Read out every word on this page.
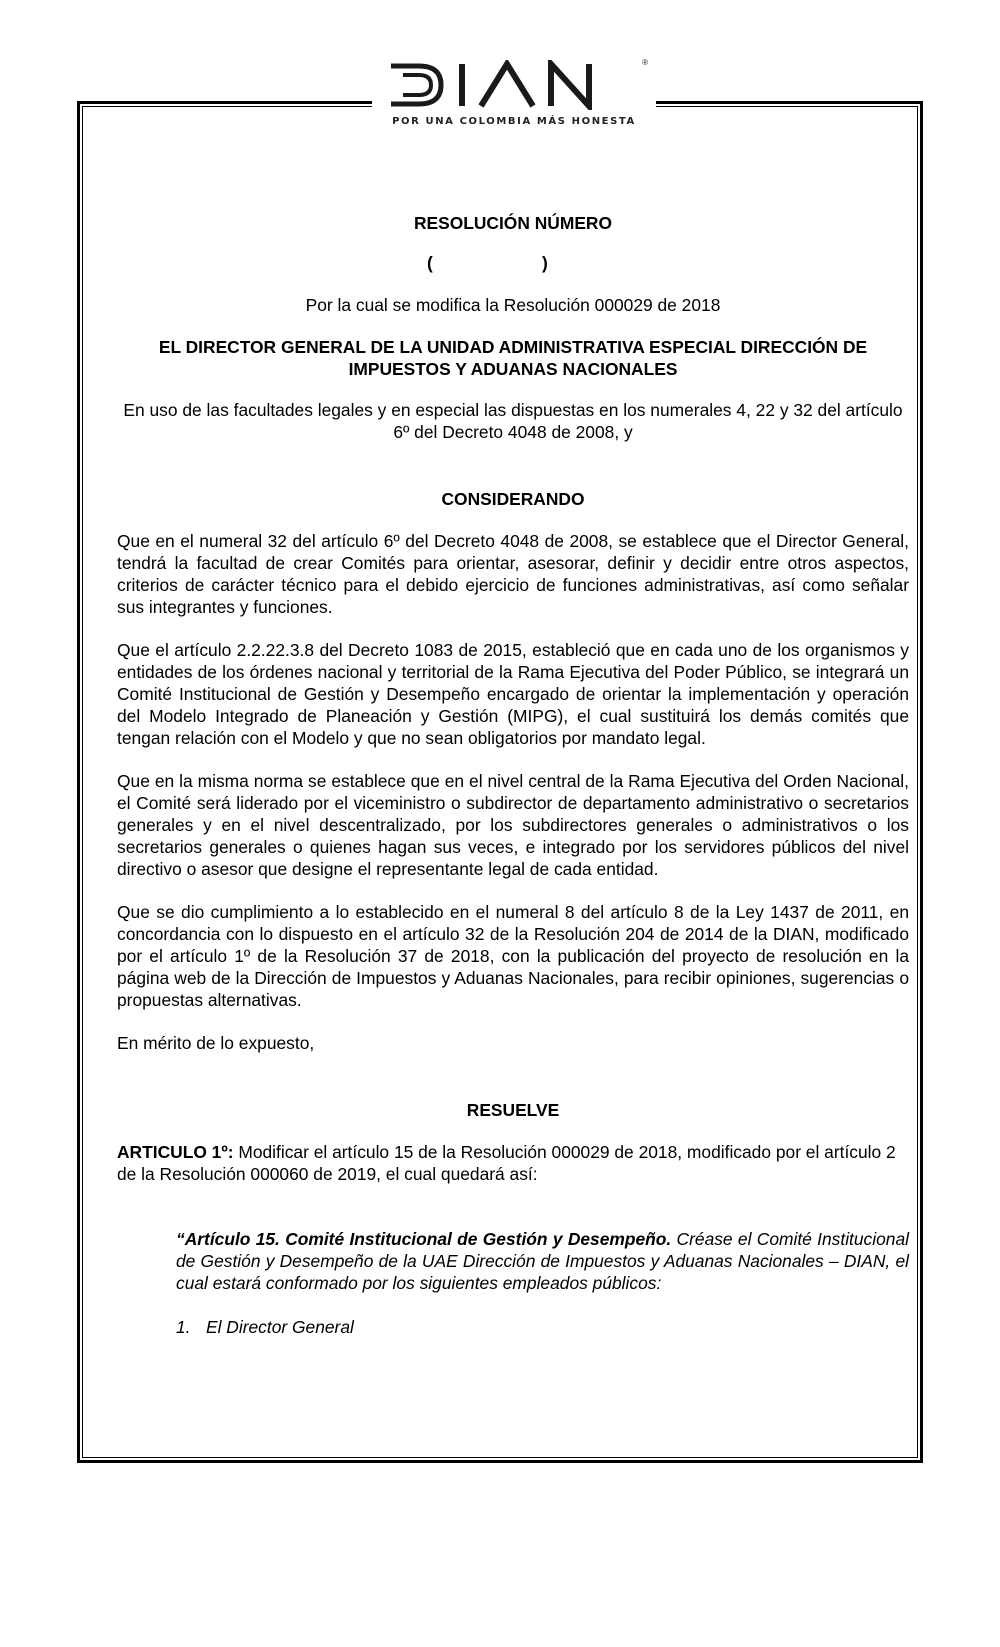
®
POR UNA COLOMBIA MÁS HONESTA

RESOLUCIÓN NÚMERO

(	)

Por la cual se modifica la Resolución 000029 de 2018

EL DIRECTOR GENERAL DE LA UNIDAD ADMINISTRATIVA ESPECIAL DIRECCIÓN DE IMPUESTOS Y ADUANAS NACIONALES

En uso de las facultades legales y en especial las dispuestas en los numerales 4, 22 y 32 del artículo 6º del Decreto 4048 de 2008, y

CONSIDERANDO

Que en el numeral 32 del artículo 6º del Decreto 4048 de 2008, se establece que el Director General, tendrá la facultad de crear Comités para orientar, asesorar, definir y decidir entre otros aspectos, criterios de carácter técnico para el debido ejercicio de funciones administrativas, así como señalar sus integrantes y funciones.

Que el artículo 2.2.22.3.8 del Decreto 1083 de 2015, estableció que en cada uno de los organismos y entidades de los órdenes nacional y territorial de la Rama Ejecutiva del Poder Público, se integrará un Comité Institucional de Gestión y Desempeño encargado de orientar la implementación y operación del Modelo Integrado de Planeación y Gestión (MIPG), el cual sustituirá los demás comités que tengan relación con el Modelo y que no sean obligatorios por mandato legal.

Que en la misma norma se establece que en el nivel central de la Rama Ejecutiva del Orden Nacional, el Comité será liderado por el viceministro o subdirector de departamento administrativo o secretarios generales y en el nivel descentralizado, por los subdirectores generales o administrativos o los secretarios generales o quienes hagan sus veces, e integrado por los servidores públicos del nivel directivo o asesor que designe el representante legal de cada entidad.

Que se dio cumplimiento a lo establecido en el numeral 8 del artículo 8 de la Ley 1437 de 2011, en concordancia con lo dispuesto en el artículo 32 de la Resolución 204 de 2014 de la DIAN, modificado por el artículo 1º de la Resolución 37 de 2018, con la publicación del proyecto de resolución en la página web de la Dirección de Impuestos y Aduanas Nacionales, para recibir opiniones, sugerencias o propuestas alternativas.

En mérito de lo expuesto,

RESUELVE

ARTICULO 1º: Modificar el artículo 15 de la Resolución 000029 de 2018, modificado por el artículo 2 de la Resolución 000060 de 2019, el cual quedará así:

“Artículo 15. Comité Institucional de Gestión y Desempeño. Créase el Comité Institucional de Gestión y Desempeño de la UAE Dirección de Impuestos y Aduanas Nacionales – DIAN, el cual estará conformado por los siguientes empleados públicos:

1. El Director General
